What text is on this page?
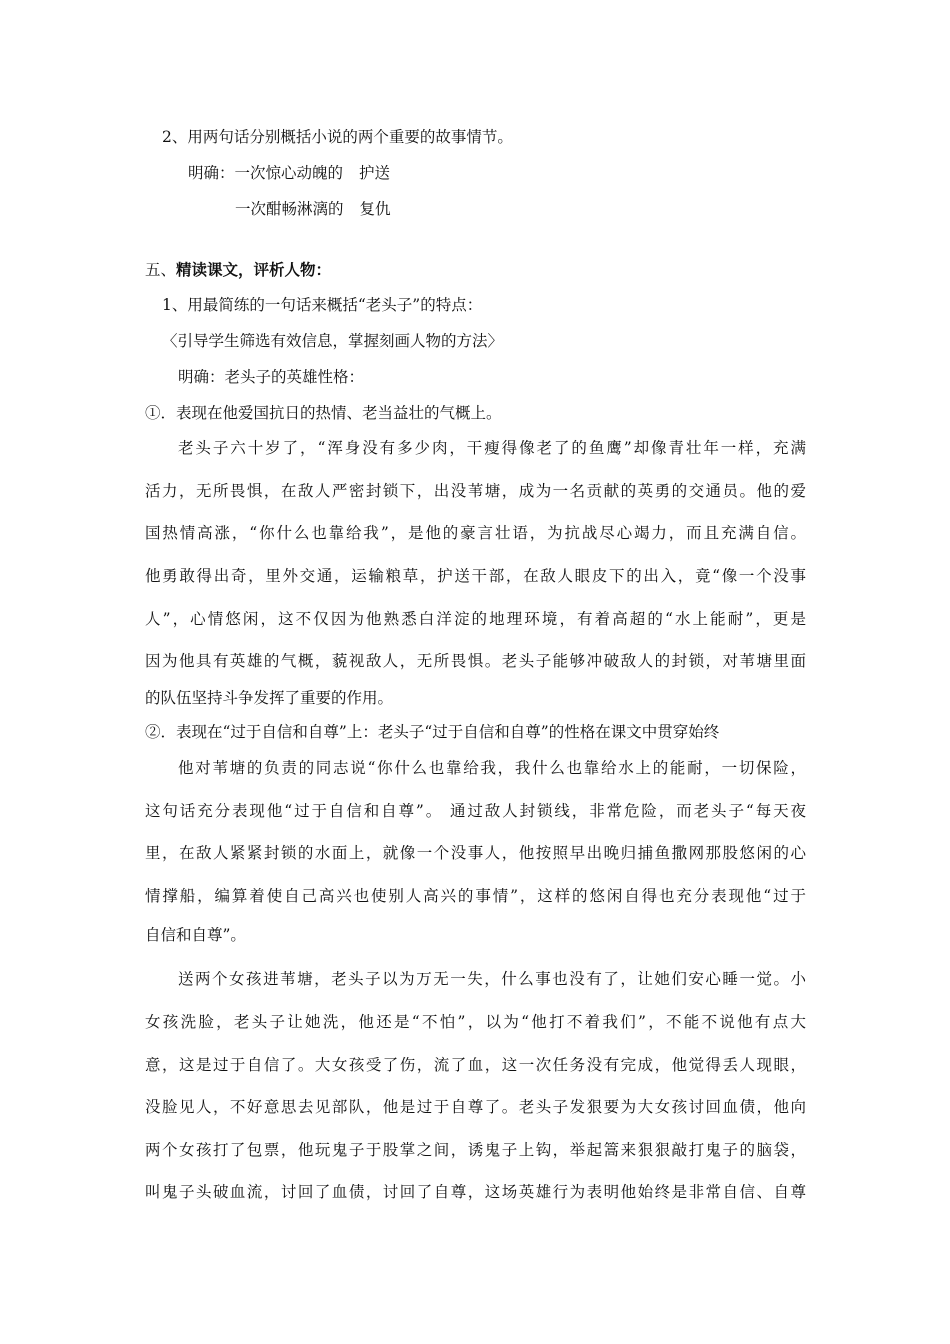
2、用两句话分别概括小说的两个重要的故事情节。
明确：一次惊心动魄的 护送
一次酣畅淋漓的 复仇
五、精读课文，评析人物：
1、用最简练的一句话来概括“老头子”的特点：
〈引导学生筛选有效信息，掌握刻画人物的方法〉
明确：老头子的英雄性格：
①．表现在他爱国抗日的热情、老当益壮的气概上。
老头子六十岁了，“浑身没有多少肉，干瘦得像老了的鱼鹰”却像青壮年一样，充满
活力，无所畏惧，在敌人严密封锁下，出没苇塘，成为一名贡献的英勇的交通员。他的爱
国热情高涨，“你什么也靠给我”，是他的豪言壮语，为抗战尽心竭力，而且充满自信。
他勇敢得出奇，里外交通，运输粮草，护送干部，在敌人眼皮下的出入，竟“像一个没事
人”，心情悠闲，这不仅因为他熟悉白洋淀的地理环境，有着高超的“水上能耐”，更是
因为他具有英雄的气概，藐视敌人，无所畏惧。老头子能够冲破敌人的封锁，对苇塘里面
的队伍坚持斗争发挥了重要的作用。
②．表现在“过于自信和自尊”上：老头子“过于自信和自尊”的性格在课文中贯穿始终
他对苇塘的负责的同志说“你什么也靠给我，我什么也靠给水上的能耐，一切保险，
这句话充分表现他“过于自信和自尊”。 通过敌人封锁线，非常危险，而老头子“每天夜
里，在敌人紧紧封锁的水面上，就像一个没事人，他按照早出晚归捕鱼撒网那股悠闲的心
情撑船，编算着使自己高兴也使别人高兴的事情”，这样的悠闲自得也充分表现他“过于
自信和自尊”。
送两个女孩进苇塘，老头子以为万无一失，什么事也没有了，让她们安心睡一觉。小
女孩洗脸，老头子让她洗，他还是“不怕”，以为“他打不着我们”，不能不说他有点大
意，这是过于自信了。大女孩受了伤，流了血，这一次任务没有完成，他觉得丢人现眼，
没脸见人，不好意思去见部队，他是过于自尊了。老头子发狠要为大女孩讨回血债，他向
两个女孩打了包票，他玩鬼子于股掌之间，诱鬼子上钩，举起篙来狠狠敲打鬼子的脑袋，
叫鬼子头破血流，讨回了血债，讨回了自尊，这场英雄行为表明他始终是非常自信、自尊
